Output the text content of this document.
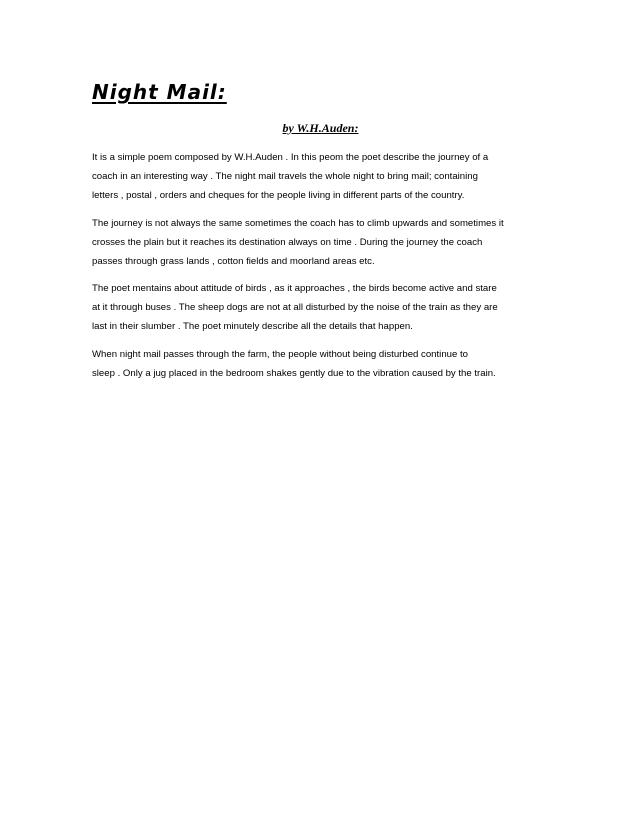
Night Mail:
by W.H.Auden:

It is a simple poem composed by W.H.Auden . In this peom the poet describe the journey of a
coach in an interesting way . The night mail travels the whole night to bring mail; containing
letters , postal , orders and cheques for the people living in different parts of the country.

The journey is not always the same sometimes the coach has to climb upwards and sometimes it
crosses the plain but it reaches its destination always on time . During the journey the coach
passes through grass lands , cotton fields and moorland areas etc.

The poet mentains about attitude of birds , as it approaches , the birds become active and stare
at it through buses . The sheep dogs are not at all disturbed by the noise of the train as they are
last in their slumber . The poet minutely describe all the details that happen.

When night mail passes through the farm, the people without being disturbed continue to
sleep . Only a jug placed in the bedroom shakes gently due to the vibration caused by the train.
